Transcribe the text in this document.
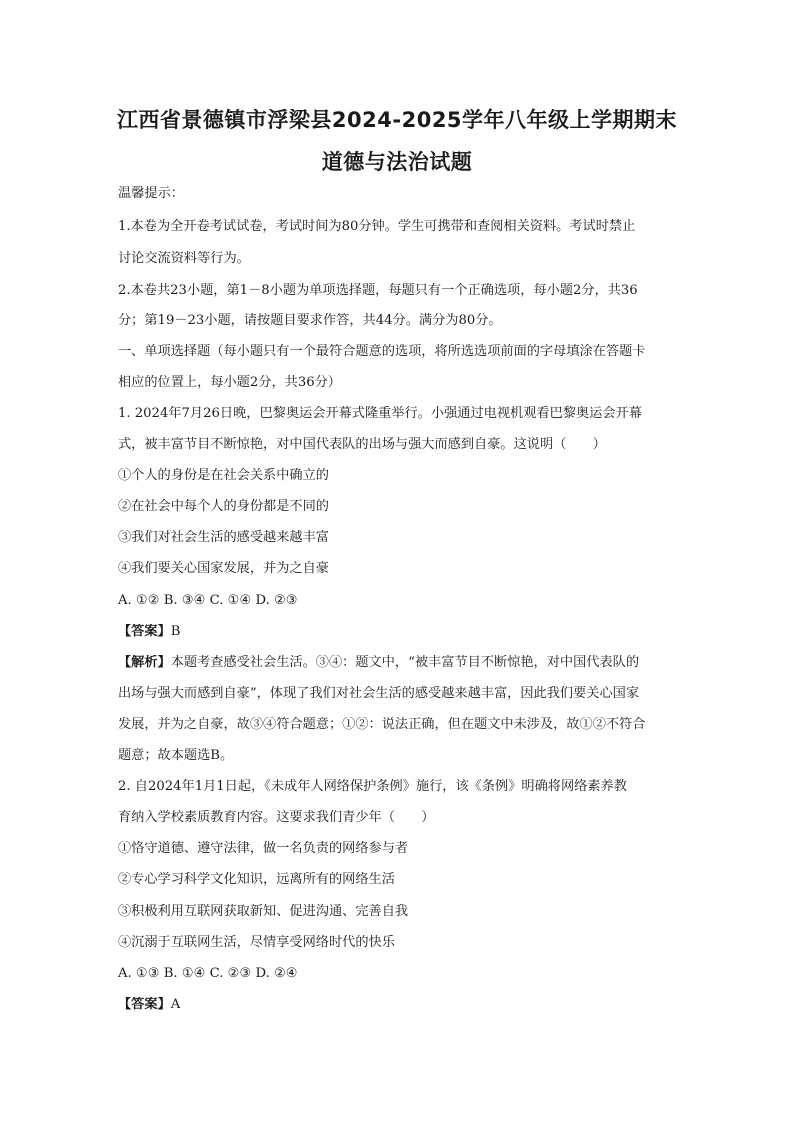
江西省景德镇市浮梁县2024-2025学年八年级上学期期末
道德与法治试题
温馨提示：
1.本卷为全开卷考试试卷，考试时间为80分钟。学生可携带和查阅相关资料。考试时禁止
讨论交流资料等行为。
2.本卷共23小题，第1－8小题为单项选择题，每题只有一个正确选项，每小题2分，共36
分；第19－23小题，请按题目要求作答，共44分。满分为80分。
一、单项选择题（每小题只有一个最符合题意的选项，将所选选项前面的字母填涂在答题卡
相应的位置上，每小题2分，共36分）
1. 2024年7月26日晚，巴黎奥运会开幕式隆重举行。小强通过电视机观看巴黎奥运会开幕
式，被丰富节目不断惊艳，对中国代表队的出场与强大而感到自豪。这说明（　　）
①个人的身份是在社会关系中确立的
②在社会中每个人的身份都是不同的
③我们对社会生活的感受越来越丰富
④我们要关心国家发展，并为之自豪
A. ①② B. ③④ C. ①④ D. ②③
【答案】B
【解析】本题考查感受社会生活。③④：题文中，“被丰富节目不断惊艳，对中国代表队的
出场与强大而感到自豪”，体现了我们对社会生活的感受越来越丰富，因此我们要关心国家
发展，并为之自豪，故③④符合题意；①②：说法正确，但在题文中未涉及，故①②不符合
题意；故本题选B。
2. 自2024年1月1日起，《未成年人网络保护条例》施行，该《条例》明确将网络素养教
育纳入学校素质教育内容。这要求我们青少年（　　）
①恪守道德、遵守法律，做一名负责的网络参与者
②专心学习科学文化知识，远离所有的网络生活
③积极利用互联网获取新知、促进沟通、完善自我
④沉溺于互联网生活，尽情享受网络时代的快乐
A. ①③ B. ①④ C. ②③ D. ②④
【答案】A
